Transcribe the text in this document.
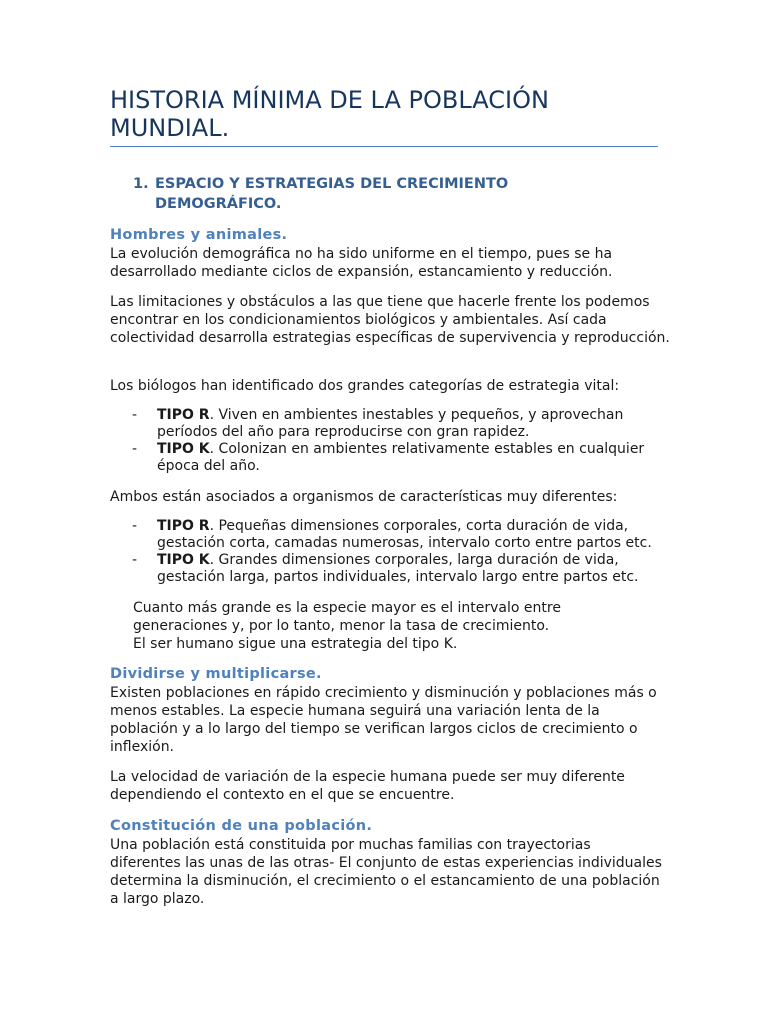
HISTORIA MÍNIMA DE LA POBLACIÓN MUNDIAL.
1. ESPACIO Y ESTRATEGIAS DEL CRECIMIENTO DEMOGRÁFICO.
Hombres y animales.

La evolución demográfica no ha sido uniforme en el tiempo, pues se ha desarrollado mediante ciclos de expansión, estancamiento y reducción.

Las limitaciones y obstáculos a las que tiene que hacerle frente los podemos encontrar en los condicionamientos biológicos y ambientales. Así cada colectividad desarrolla estrategias específicas de supervivencia y reproducción.

Los biólogos han identificado dos grandes categorías de estrategia vital:

- TIPO R. Viven en ambientes inestables y pequeños, y aprovechan períodos del año para reproducirse con gran rapidez.
- TIPO K. Colonizan en ambientes relativamente estables en cualquier época del año.

Ambos están asociados a organismos de características muy diferentes:

- TIPO R. Pequeñas dimensiones corporales, corta duración de vida, gestación corta, camadas numerosas, intervalo corto entre partos etc.
- TIPO K. Grandes dimensiones corporales, larga duración de vida, gestación larga, partos individuales, intervalo largo entre partos etc.

Cuanto más grande es la especie mayor es el intervalo entre generaciones y, por lo tanto, menor la tasa de crecimiento. El ser humano sigue una estrategia del tipo K.

Dividirse y multiplicarse.

Existen poblaciones en rápido crecimiento y disminución y poblaciones más o menos estables. La especie humana seguirá una variación lenta de la población y a lo largo del tiempo se verifican largos ciclos de crecimiento o inflexión.

La velocidad de variación de la especie humana puede ser muy diferente dependiendo el contexto en el que se encuentre.

Constitución de una población.

Una población está constituida por muchas familias con trayectorias diferentes las unas de las otras- El conjunto de estas experiencias individuales determina la disminución, el crecimiento o el estancamiento de una población a largo plazo.
